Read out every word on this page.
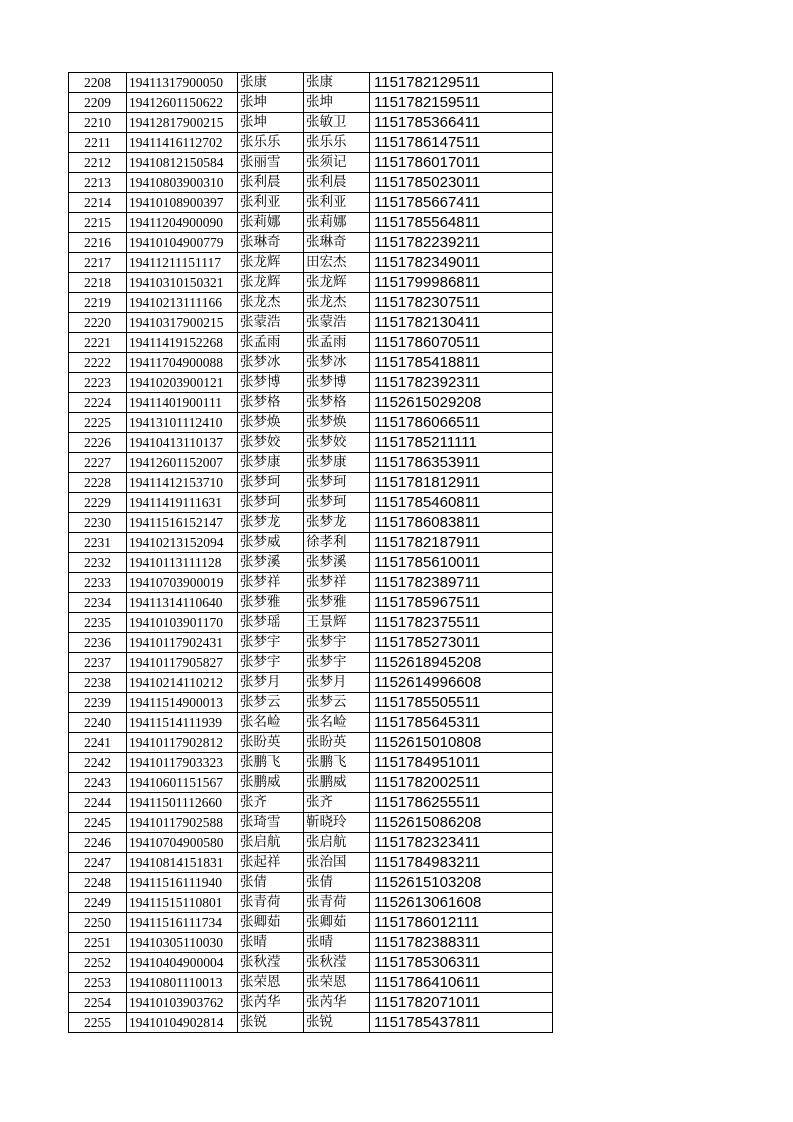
2208	19411317900050	张康	张康	1151782129511
2209	19412601150622	张坤	张坤	1151782159511
2210	19412817900215	张坤	张敏卫	1151785366411
2211	19411416112702	张乐乐	张乐乐	1151786147511
2212	19410812150584	张丽雪	张须记	1151786017011
2213	19410803900310	张利晨	张利晨	1151785023011
2214	19410108900397	张利亚	张利亚	1151785667411
2215	19411204900090	张莉娜	张莉娜	1151785564811
2216	19410104900779	张琳奇	张琳奇	1151782239211
2217	19411211151117	张龙辉	田宏杰	1151782349011
2218	19410310150321	张龙辉	张龙辉	1151799986811
2219	19410213111166	张龙杰	张龙杰	1151782307511
2220	19410317900215	张蒙浩	张蒙浩	1151782130411
2221	19411419152268	张孟雨	张孟雨	1151786070511
2222	19411704900088	张梦冰	张梦冰	1151785418811
2223	19410203900121	张梦博	张梦博	1151782392311
2224	19411401900111	张梦格	张梦格	1152615029208
2225	19413101112410	张梦焕	张梦焕	1151786066511
2226	19410413110137	张梦姣	张梦姣	1151785211111
2227	19412601152007	张梦康	张梦康	1151786353911
2228	19411412153710	张梦珂	张梦珂	1151781812911
2229	19411419111631	张梦珂	张梦珂	1151785460811
2230	19411516152147	张梦龙	张梦龙	1151786083811
2231	19410213152094	张梦威	徐孝利	1151782187911
2232	19410113111128	张梦溪	张梦溪	1151785610011
2233	19410703900019	张梦祥	张梦祥	1151782389711
2234	19411314110640	张梦雅	张梦雅	1151785967511
2235	19410103901170	张梦瑶	王景辉	1151782375511
2236	19410117902431	张梦宇	张梦宇	1151785273011
2237	19410117905827	张梦宇	张梦宇	1152618945208
2238	19410214110212	张梦月	张梦月	1152614996608
2239	19411514900013	张梦云	张梦云	1151785505511
2240	19411514111939	张名崄	张名崄	1151785645311
2241	19410117902812	张盼英	张盼英	1152615010808
2242	19410117903323	张鹏飞	张鹏飞	1151784951011
2243	19410601151567	张鹏威	张鹏威	1151782002511
2244	19411501112660	张齐	张齐	1151786255511
2245	19410117902588	张琦雪	靳晓玲	1152615086208
2246	19410704900580	张启航	张启航	1151782323411
2247	19410814151831	张起祥	张治国	1151784983211
2248	19411516111940	张倩	张倩	1152615103208
2249	19411515110801	张青荷	张青荷	1152613061608
2250	19411516111734	张卿茹	张卿茹	1151786012111
2251	19410305110030	张晴	张晴	1151782388311
2252	19410404900004	张秋滢	张秋滢	1151785306311
2253	19410801110013	张荣恩	张荣恩	1151786410611
2254	19410103903762	张芮华	张芮华	1151782071011
2255	19410104902814	张锐	张锐	1151785437811
